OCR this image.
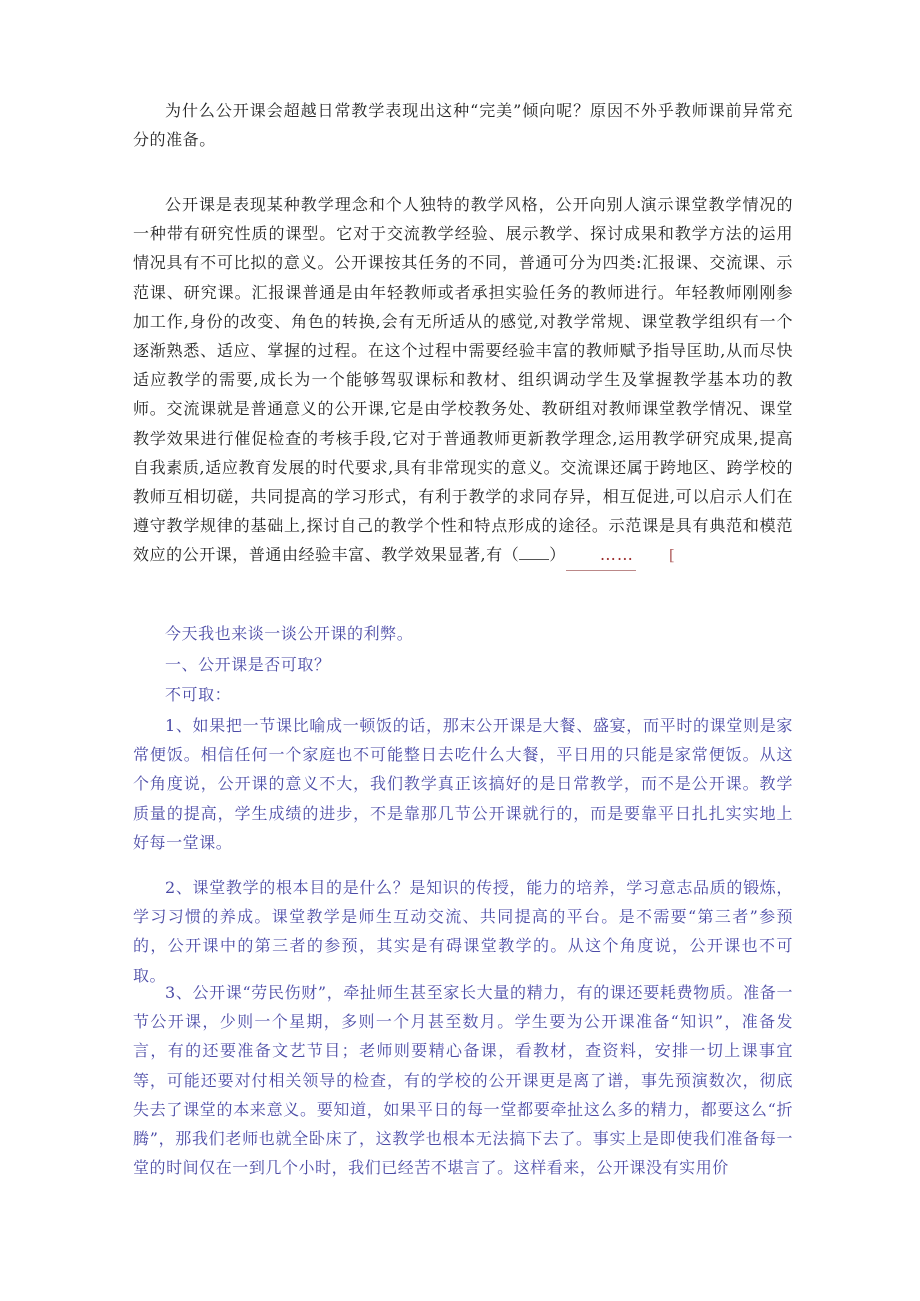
为什么公开课会超越日常教学表现出这种“完美”倾向呢？原因不外乎教师课前异常充分的准备。

公开课是表现某种教学理念和个人独特的教学风格，公开向别人演示课堂教学情况的一种带有研究性质的课型。它对于交流教学经验、展示教学、探讨成果和教学方法的运用情况具有不可比拟的意义。公开课按其任务的不同，普通可分为四类:汇报课、交流课、示范课、研究课。汇报课普通是由年轻教师或者承担实验任务的教师进行。年轻教师刚刚参加工作,身份的改变、角色的转换,会有无所适从的感觉,对教学常规、课堂教学组织有一个逐渐熟悉、适应、掌握的过程。在这个过程中需要经验丰富的教师赋予指导匡助,从而尽快适应教学的需要,成长为一个能够驾驭课标和教材、组织调动学生及掌握教学基本功的教师。交流课就是普通意义的公开课,它是由学校教务处、教研组对教师课堂教学情况、课堂教学效果进行催促检查的考核手段,它对于普通教师更新教学理念,运用教学研究成果,提高自我素质,适应教育发展的时代要求,具有非常现实的意义。交流课还属于跨地区、跨学校的教师互相切磋，共同提高的学习形式，有利于教学的求同存异，相互促进,可以启示人们在遵守教学规律的基础上,探讨自己的教学个性和特点形成的途径。示范课是具有典范和模范效应的公开课，普通由经验丰富、教学效果显著,有（ ） …… [

今天我也来谈一谈公开课的利弊。

一、公开课是否可取？

不可取：

1、如果把一节课比喻成一顿饭的话，那末公开课是大餐、盛宴，而平时的课堂则是家常便饭。相信任何一个家庭也不可能整日去吃什么大餐，平日用的只能是家常便饭。从这个角度说，公开课的意义不大，我们教学真正该搞好的是日常教学，而不是公开课。教学质量的提高，学生成绩的进步，不是靠那几节公开课就行的，而是要靠平日扎扎实实地上好每一堂课。

2、课堂教学的根本目的是什么？是知识的传授，能力的培养，学习意志品质的锻炼，学习习惯的养成。课堂教学是师生互动交流、共同提高的平台。是不需要“第三者”参预的，公开课中的第三者的参预，其实是有碍课堂教学的。从这个角度说，公开课也不可取。

3、公开课“劳民伤财”，牵扯师生甚至家长大量的精力，有的课还要耗费物质。准备一节公开课，少则一个星期，多则一个月甚至数月。学生要为公开课准备“知识”，准备发言，有的还要准备文艺节目；老师则要精心备课，看教材，查资料，安排一切上课事宜等，可能还要对付相关领导的检查，有的学校的公开课更是离了谱，事先预演数次，彻底失去了课堂的本来意义。要知道，如果平日的每一堂都要牵扯这么多的精力，都要这么“折腾”，那我们老师也就全卧床了，这教学也根本无法搞下去了。事实上是即使我们准备每一堂的时间仅在一到几个小时，我们已经苦不堪言了。这样看来，公开课没有实用价
